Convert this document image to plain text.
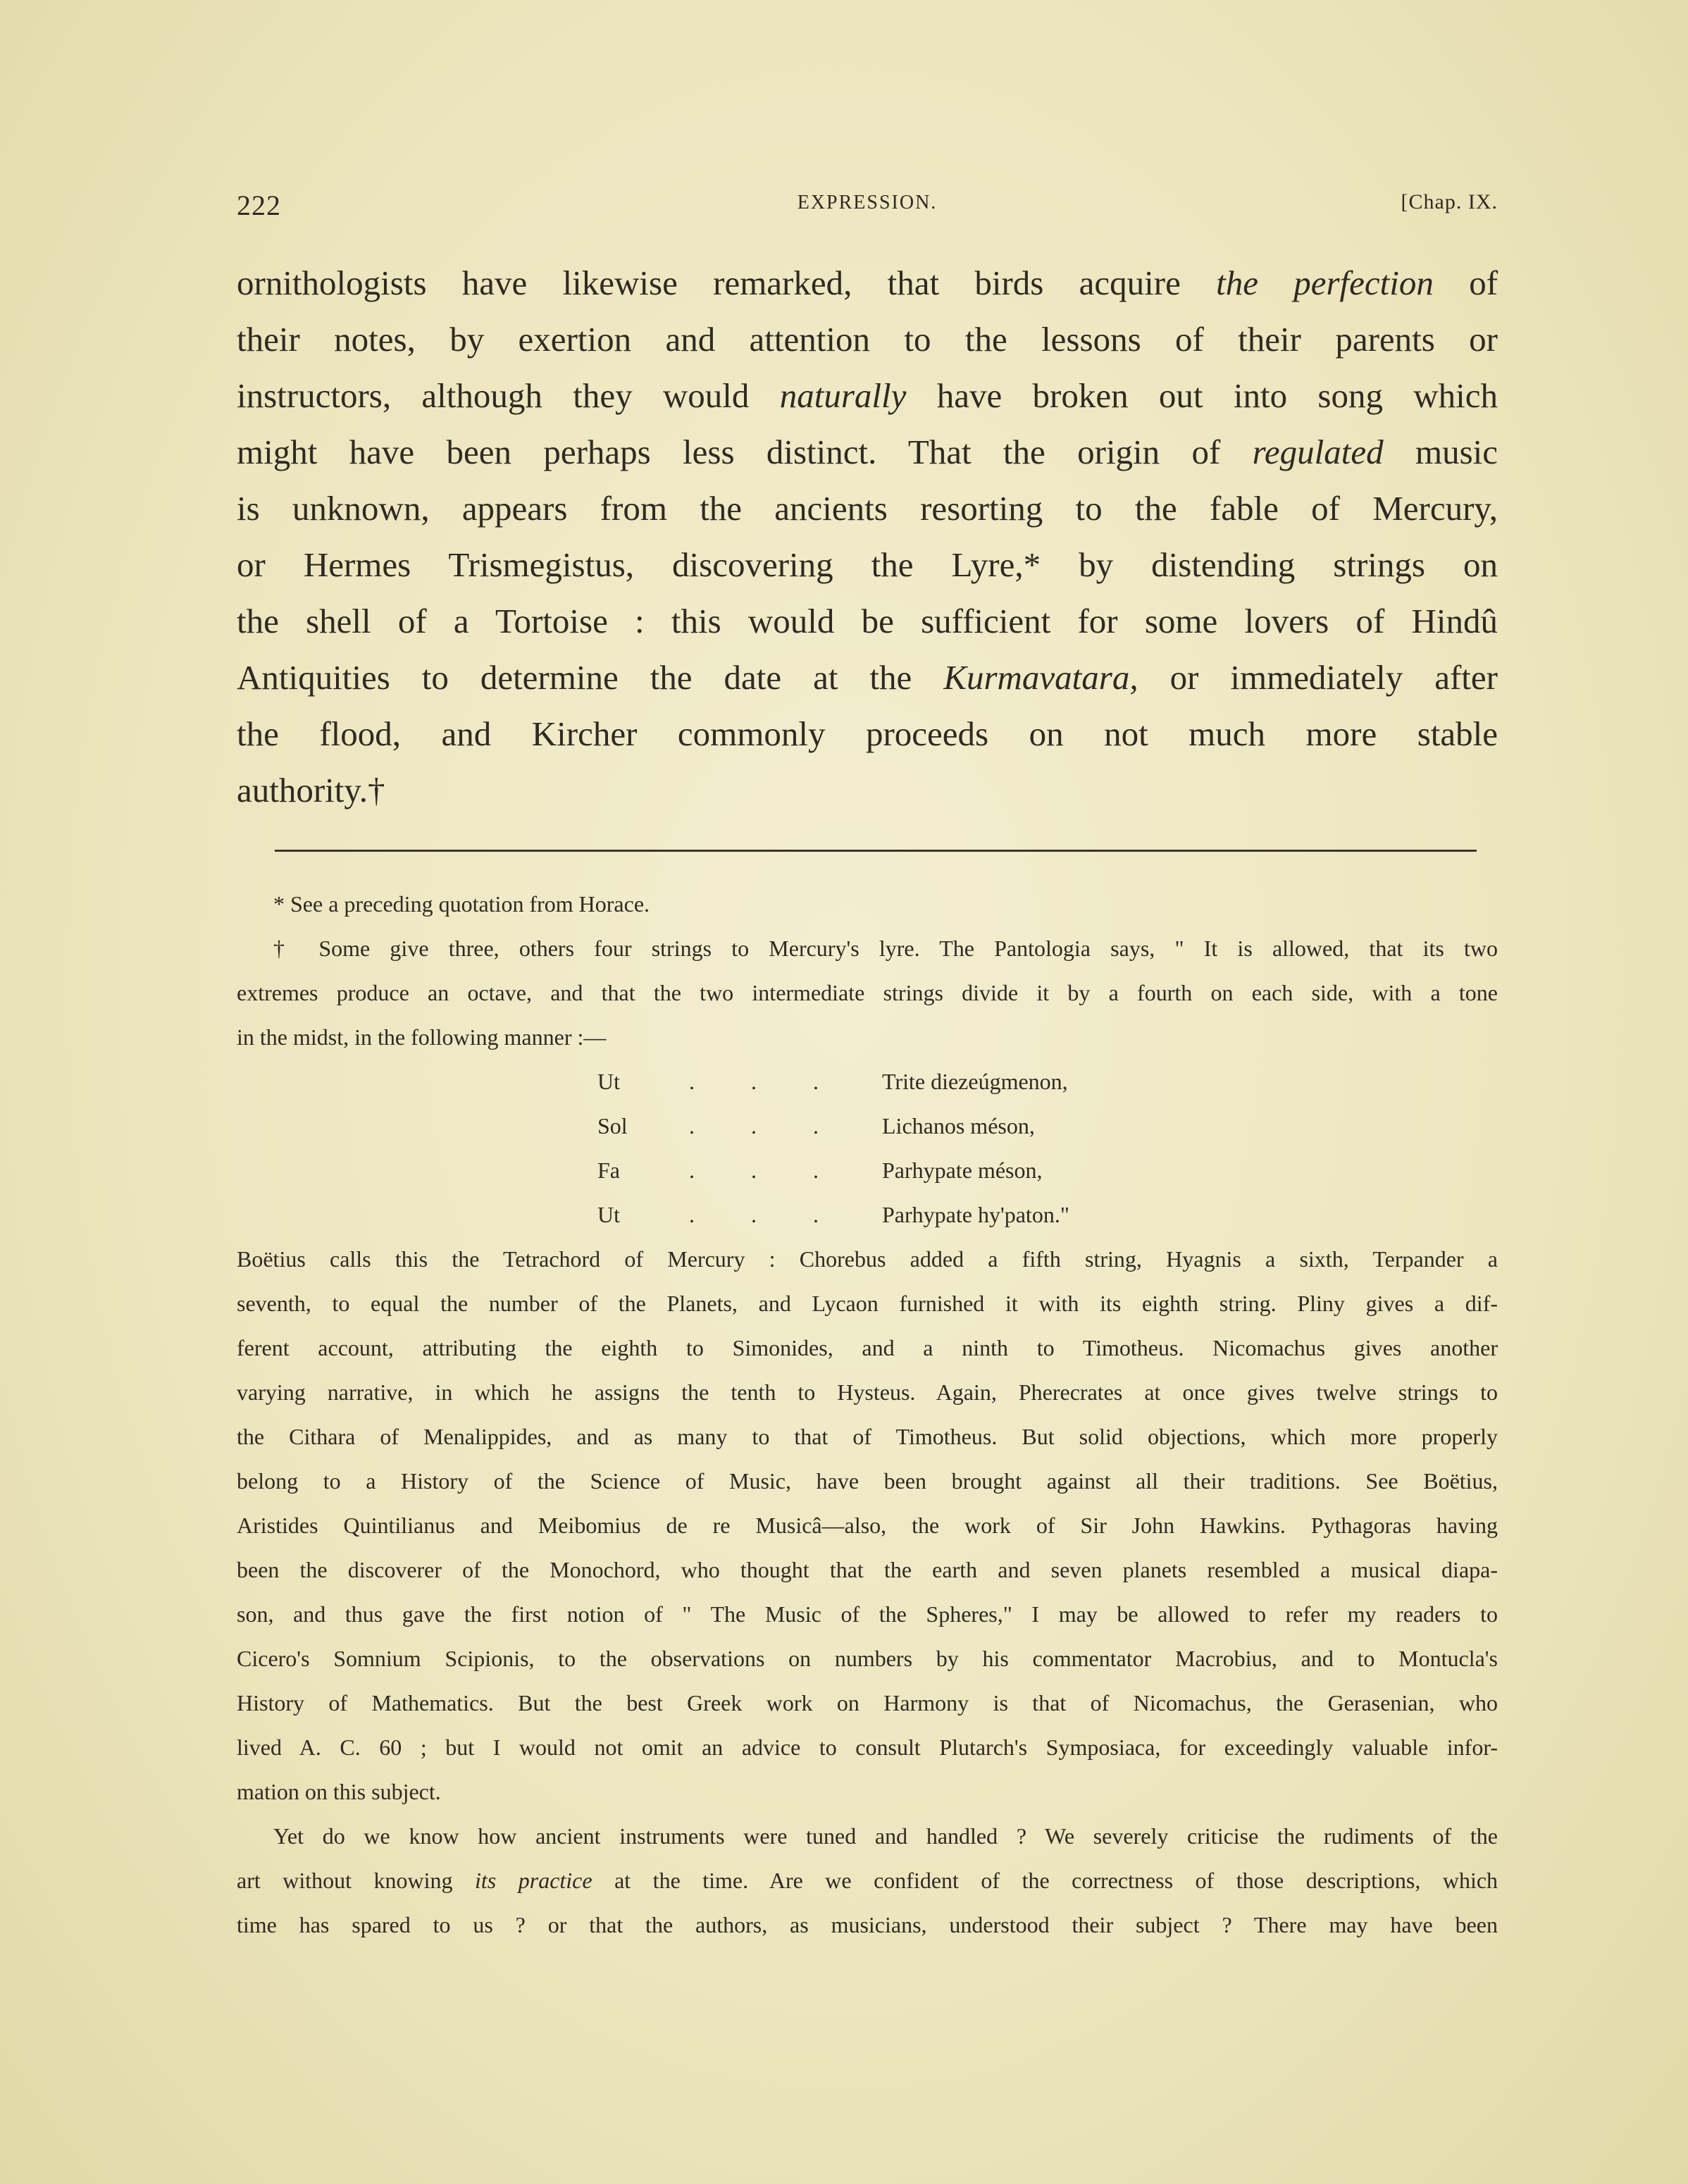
222	EXPRESSION.	[Chap. IX.
ornithologists have likewise remarked, that birds acquire the perfection of
their notes, by exertion and attention to the lessons of their parents or
instructors, although they would naturally have broken out into song which
might have been perhaps less distinct. That the origin of regulated music
is unknown, appears from the ancients resorting to the fable of Mercury,
or Hermes Trismegistus, discovering the Lyre,* by distending strings on
the shell of a Tortoise : this would be sufficient for some lovers of Hindû
Antiquities to determine the date at the Kurmavatara, or immediately after
the flood, and Kircher commonly proceeds on not much more stable
authority.†
* See a preceding quotation from Horace.
† Some give three, others four strings to Mercury's lyre. The Pantologia says, " It is allowed, that its two
extremes produce an octave, and that the two intermediate strings divide it by a fourth on each side, with a tone
in the midst, in the following manner :—
Ut	. . .	Trite diezeúgmenon,
Sol	. . .	Lichanos méson,
Fa	. . .	Parhypate méson,
Ut	. . .	Parhypate hy'paton."
Boëtius calls this the Tetrachord of Mercury : Chorebus added a fifth string, Hyagnis a sixth, Terpander a
seventh, to equal the number of the Planets, and Lycaon furnished it with its eighth string. Pliny gives a dif-
ferent account, attributing the eighth to Simonides, and a ninth to Timotheus. Nicomachus gives another
varying narrative, in which he assigns the tenth to Hysteus. Again, Pherecrates at once gives twelve strings to
the Cithara of Menalippides, and as many to that of Timotheus. But solid objections, which more properly
belong to a History of the Science of Music, have been brought against all their traditions. See Boëtius,
Aristides Quintilianus and Meibomius de re Musicâ—also, the work of Sir John Hawkins. Pythagoras having
been the discoverer of the Monochord, who thought that the earth and seven planets resembled a musical diapa-
son, and thus gave the first notion of " The Music of the Spheres," I may be allowed to refer my readers to
Cicero's Somnium Scipionis, to the observations on numbers by his commentator Macrobius, and to Montucla's
History of Mathematics. But the best Greek work on Harmony is that of Nicomachus, the Gerasenian, who
lived A. C. 60 ; but I would not omit an advice to consult Plutarch's Symposiaca, for exceedingly valuable infor-
mation on this subject.
Yet do we know how ancient instruments were tuned and handled ? We severely criticise the rudiments of the
art without knowing its practice at the time. Are we confident of the correctness of those descriptions, which
time has spared to us ? or that the authors, as musicians, understood their subject ? There may have been
